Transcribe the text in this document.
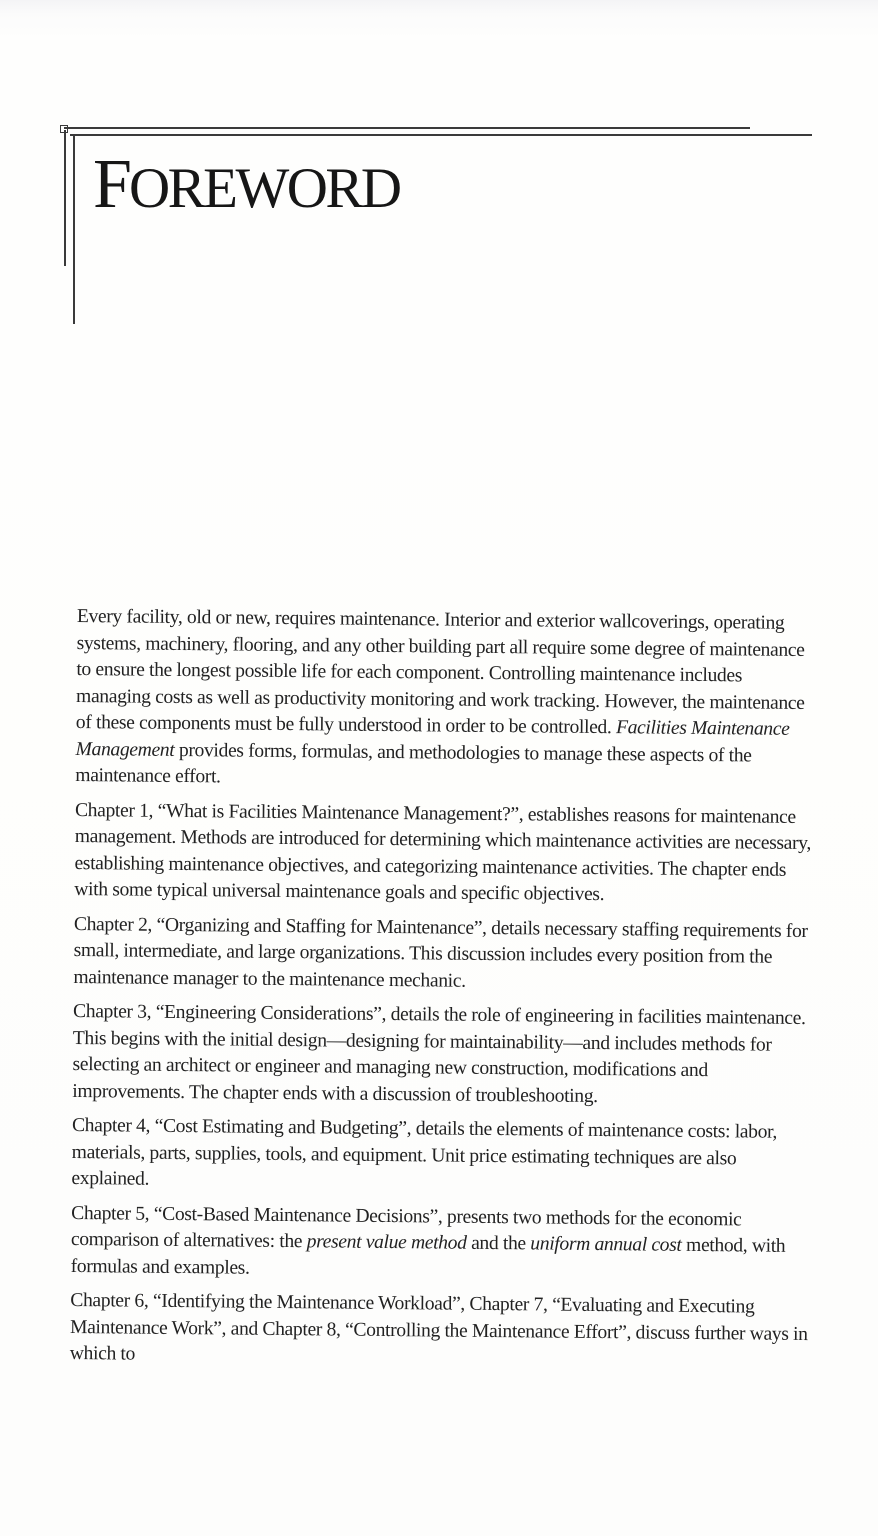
FOREWORD

Every facility, old or new, requires maintenance. Interior and exterior wallcoverings, operating systems, machinery, flooring, and any other building part all require some degree of maintenance to ensure the longest possible life for each component. Controlling maintenance includes managing costs as well as productivity monitoring and work tracking. However, the maintenance of these components must be fully understood in order to be controlled. Facilities Maintenance Management provides forms, formulas, and methodologies to manage these aspects of the maintenance effort.

Chapter 1, “What is Facilities Maintenance Management?”, establishes reasons for maintenance management. Methods are introduced for determining which maintenance activities are necessary, establishing maintenance objectives, and categorizing maintenance activities. The chapter ends with some typical universal maintenance goals and specific objectives.

Chapter 2, “Organizing and Staffing for Maintenance”, details necessary staffing requirements for small, intermediate, and large organizations. This discussion includes every position from the maintenance manager to the maintenance mechanic.

Chapter 3, “Engineering Considerations”, details the role of engineering in facilities maintenance. This begins with the initial design—designing for maintainability—and includes methods for selecting an architect or engineer and managing new construction, modifications and improvements. The chapter ends with a discussion of troubleshooting.

Chapter 4, “Cost Estimating and Budgeting”, details the elements of maintenance costs: labor, materials, parts, supplies, tools, and equipment. Unit price estimating techniques are also explained.

Chapter 5, “Cost-Based Maintenance Decisions”, presents two methods for the economic comparison of alternatives: the present value method and the uniform annual cost method, with formulas and examples.

Chapter 6, “Identifying the Maintenance Workload”, Chapter 7, “Evaluating and Executing Maintenance Work”, and Chapter 8, “Controlling the Maintenance Effort”, discuss further ways in which to
